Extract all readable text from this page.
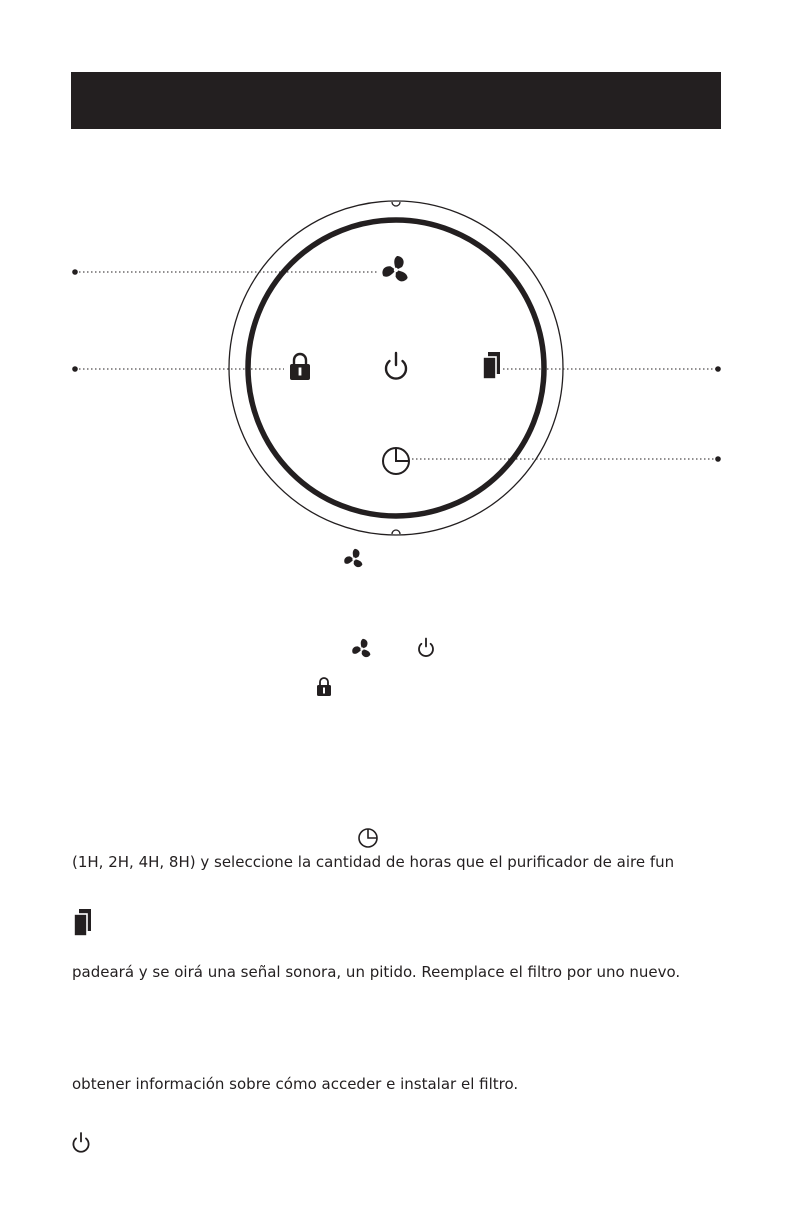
(1H, 2H, 4H, 8H) y seleccione la cantidad de horas que el purificador de aire fun
padeará y se oirá una señal sonora, un pitido. Reemplace el filtro por uno nuevo.
obtener información sobre cómo acceder e instalar el filtro.
